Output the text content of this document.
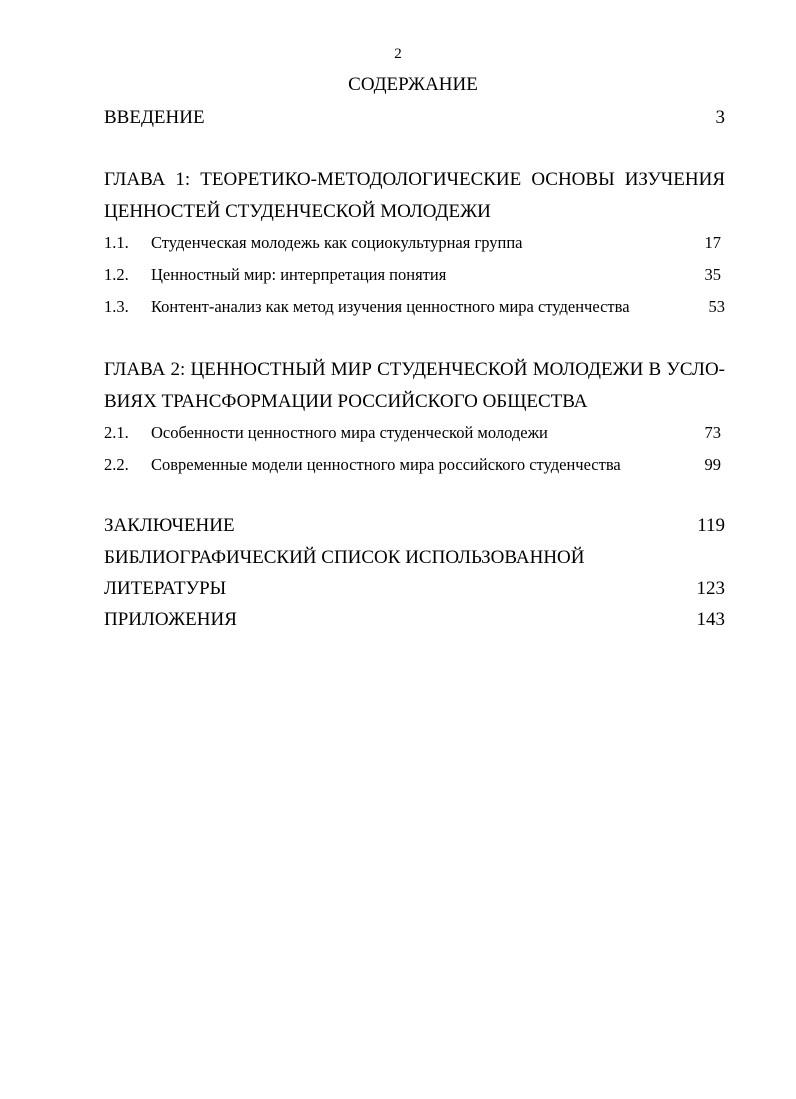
2
СОДЕРЖАНИЕ
ВВЕДЕНИЕ	3
ГЛАВА 1: ТЕОРЕТИКО-МЕТОДОЛОГИЧЕСКИЕ ОСНОВЫ ИЗУЧЕНИЯ
ЦЕННОСТЕЙ СТУДЕНЧЕСКОЙ МОЛОДЕЖИ
1.1. Студенческая молодежь как социокультурная группа	17
1.2. Ценностный мир: интерпретация понятия	35
1.3. Контент-анализ как метод изучения ценностного мира студенчества	53
ГЛАВА 2: ЦЕННОСТНЫЙ МИР СТУДЕНЧЕСКОЙ МОЛОДЕЖИ В УСЛО-
ВИЯХ ТРАНСФОРМАЦИИ РОССИЙСКОГО ОБЩЕСТВА
2.1. Особенности ценностного мира студенческой молодежи	73
2.2. Современные модели ценностного мира российского студенчества	99
ЗАКЛЮЧЕНИЕ	119
БИБЛИОГРАФИЧЕСКИЙ СПИСОК ИСПОЛЬЗОВАННОЙ
ЛИТЕРАТУРЫ	123
ПРИЛОЖЕНИЯ	143
